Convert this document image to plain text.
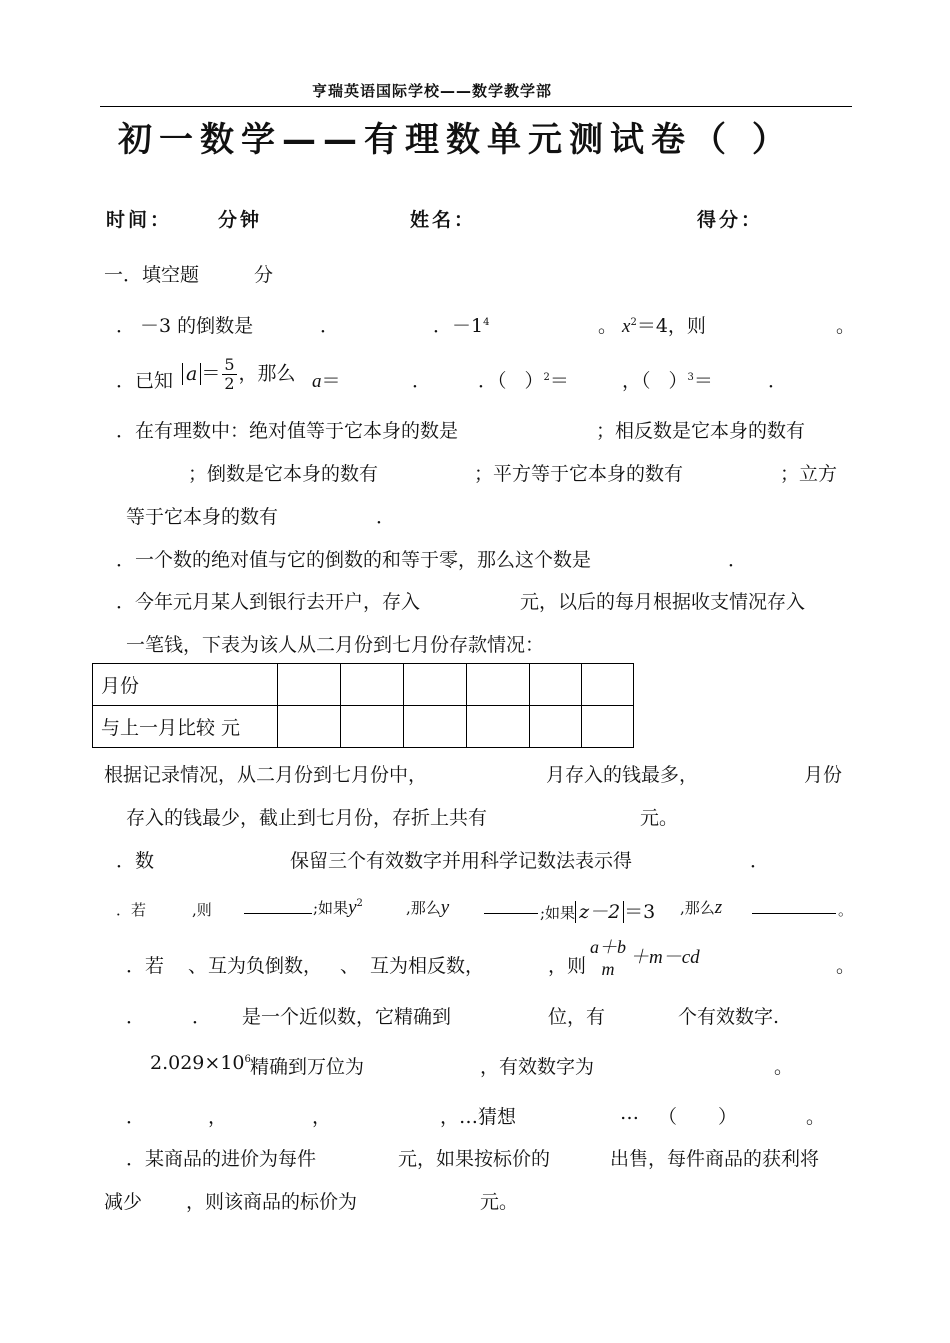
亨瑞英语国际学校——数学教学部
初一数学——有理数单元测试卷（ ）
时间： 分钟	姓名：	得分：
一．填空题	分
． －3 的倒数是	．	．$-1^4$	。 $x^2=4$，则	。
．已知 $a = \frac{5}{2}$ ，那么 a＝	． ．（ ）$^2$＝	，（ ）$^3$＝	．
．在有理数中：绝对值等于它本身的数是	；相反数是它本身的数有
；倒数是它本身的数有	；平方等于它本身的数有	；立方
等于它本身的数有	．
．一个数的绝对值与它的倒数的和等于零，那么这个数是	．
．今年元月某人到银行去开户，存入	元，以后的每月根据收支情况存入
一笔钱，下表为该人从二月份到七月份存款情况：
月份						
与上一月比较 元						
根据记录情况，从二月份到七月份中，	月存入的钱最多，	月份
存入的钱最少，截止到七月份，存折上共有	元。
．数	保留三个有效数字并用科学记数法表示得	．
．若	,则	;如果$y^2$	,那么y	;如果 z－2 ＝3 ,那么z	。
．若 、 互为负倒数， 、 互为相反数，	，则
a＋b
m
＋m－cd	。
． ． 是一个近似数，它精确到	位，有	个有效数字.
$2.029\times 10^6$ 精确到万位为	，有效数字为	。
．	，	，	，…猜想	… （ ）	。
．某商品的进价为每件	元，如果按标价的	出售，每件商品的获利将
减少 ，则该商品的标价为	元。
